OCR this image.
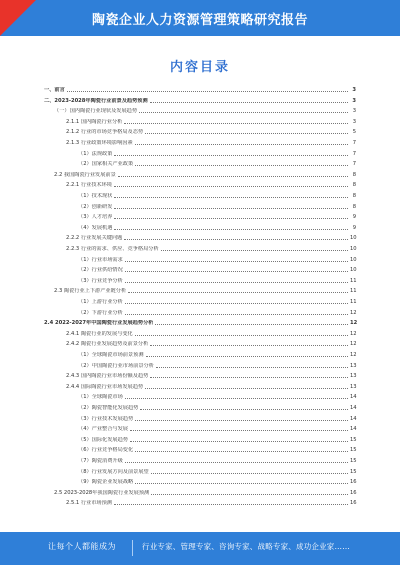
陶瓷企业人力资源管理策略研究报告
内容目录
一、前言	3
二、2023-2028年陶瓷行业前景及趋势预测	3
（一）国内陶瓷行业现状及发展趋势	3
2.1.1 国内陶瓷行业分析	3
2.1.2 行业的市场竞争格局及态势	5
2.1.3 行业政策环境影响因素	7
（1）法规政策	7
（2）国家相关产业政策	7
2.2 我国陶瓷行业发展前景	8
2.2.1 行业技术环境	8
（1）技术现状	8
（2）创新研发	8
（3）人才培养	9
（4）发展机遇	9
2.2.2 行业发展关键问题	10
2.2.3 行业的需求、供应、竞争格局分析	10
（1）行业市场需求	10
（2）行业供给情况	10
（3）行业竞争分析	11
2.3 陶瓷行业上下游产业链分析	11
（1）上游行业分析	11
（2）下游行业分析	12
2.4 2022-2027年中国陶瓷行业发展趋势分析	12
2.4.1 陶瓷行业的发展与变化	12
2.4.2 陶瓷行业发展趋势及前景分析	12
（1）全球陶瓷市场前景预测	12
（2）中国陶瓷行业市场前景分析	13
2.4.3 国内陶瓷行业市场份额及趋势	13
2.4.4 国际陶瓷行业市场发展趋势	13
（1）全球陶瓷市场	14
（2）陶瓷智能化发展趋势	14
（3）行业技术发展趋势	14
（4）产业整合与发展	14
（5）国际化发展趋势	15
（6）行业竞争格局变化	15
（7）陶瓷消费升级	15
（8）行业发展方向及前景展望	15
（9）陶瓷企业发展战略	16
2.5 2023-2028年我国陶瓷行业发展预测	16
2.5.1 行业市场预测	16
让每个人都能成为	行业专家、管理专家、咨询专家、战略专家、成功企业家……
